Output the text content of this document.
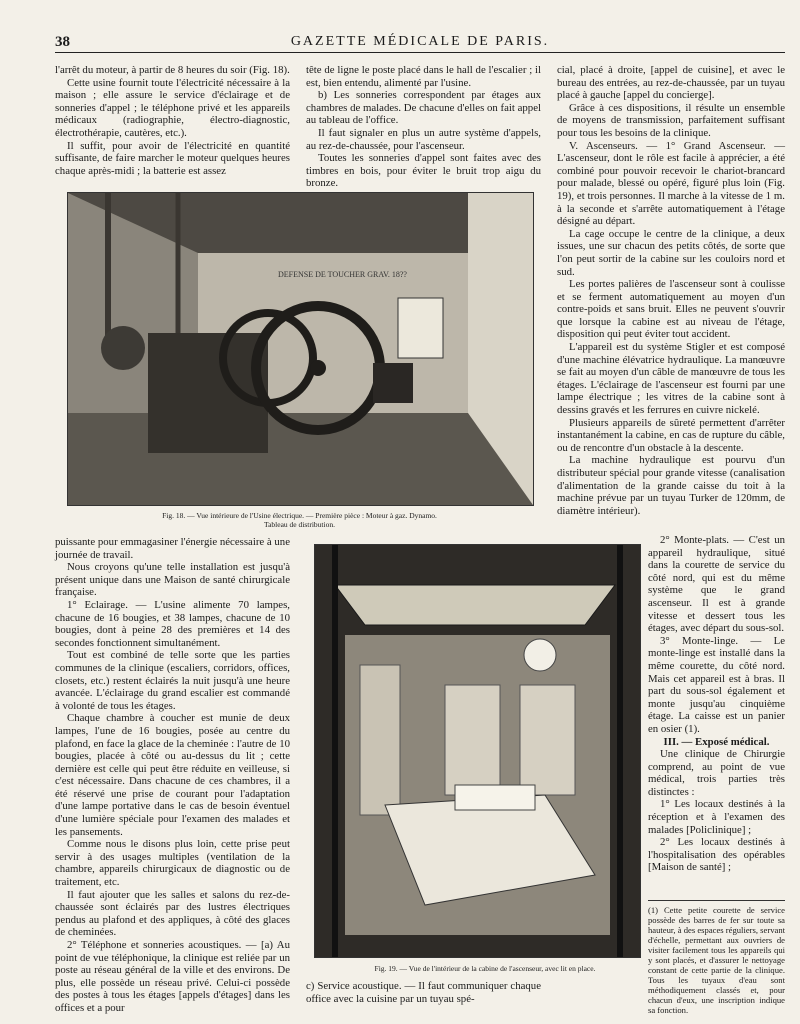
38	GAZETTE MÉDICALE DE PARIS.

l'arrêt du moteur, à partir de 8 heures du soir (Fig. 18).

Cette usine fournit toute l'électricité nécessaire à la maison ; elle assure le service d'éclairage et de sonneries d'appel ; le téléphone privé et les appareils médicaux (radiographie, électro-diagnostic, électrothérapie, cautères, etc.).

Il suffit, pour avoir de l'électricité en quantité suffisante, de faire marcher le moteur quelques heures chaque après-midi ; la batterie est assez

tête de ligne le poste placé dans le hall de l'escalier ; il est, bien entendu, alimenté par l'usine.

b) Les sonneries correspondent par étages aux chambres de malades. De chacune d'elles on fait appel au tableau de l'office.

Il faut signaler en plus un autre système d'appels, au rez-de-chaussée, pour l'ascenseur.

Toutes les sonneries d'appel sont faites avec des timbres en bois, pour éviter le bruit trop aigu du bronze.

DEFENSE DE TOUCHER GRAV. 18??
Fig. 18. — Vue intérieure de l'Usine électrique. — Première pièce : Moteur à gaz. Dynamo.
Tableau de distribution.

puissante pour emmagasiner l'énergie nécessaire à une journée de travail.

Nous croyons qu'une telle installation est jusqu'à présent unique dans une Maison de santé chirurgicale française.

1° Eclairage. — L'usine alimente 70 lampes, chacune de 16 bougies, et 38 lampes, chacune de 10 bougies, dont à peine 28 des premières et 14 des secondes fonctionnent simultanément.

Tout est combiné de telle sorte que les parties communes de la clinique (escaliers, corridors, offices, closets, etc.) restent éclairés la nuit jusqu'à une heure avancée. L'éclairage du grand escalier est commandé à volonté de tous les étages.

Chaque chambre à coucher est munie de deux lampes, l'une de 16 bougies, posée au centre du plafond, en face la glace de la cheminée : l'autre de 10 bougies, placée à côté ou au-dessus du lit ; cette dernière est celle qui peut être réduite en veilleuse, si c'est nécessaire. Dans chacune de ces chambres, il a été réservé une prise de courant pour l'adaptation d'une lampe portative dans le cas de besoin éventuel d'une lumière spéciale pour l'examen des malades et les pansements.

Comme nous le disons plus loin, cette prise peut servir à des usages multiples (ventilation de la chambre, appareils chirurgicaux de diagnostic ou de traitement, etc.

Il faut ajouter que les salles et salons du rez-de-chaussée sont éclairés par des lustres électriques pendus au plafond et des appliques, à côté des glaces de cheminées.

2° Téléphone et sonneries acoustiques. — [a) Au point de vue téléphonique, la clinique est reliée par un poste au réseau général de la ville et des environs. De plus, elle possède un réseau privé. Celui-ci possède des postes à tous les étages [appels d'étages] dans les offices et a pour

Fig. 19. — Vue de l'intérieur de la cabine de l'ascenseur, avec lit en place.

c) Service acoustique. — Il faut communiquer chaque office avec la cuisine par un tuyau spé-

cial, placé à droite, [appel de cuisine], et avec le bureau des entrées, au rez-de-chaussée, par un tuyau placé à gauche [appel du concierge].

Grâce à ces dispositions, il résulte un ensemble de moyens de transmission, parfaitement suffisant pour tous les besoins de la clinique.

V. Ascenseurs. — 1° Grand Ascenseur. — L'ascenseur, dont le rôle est facile à apprécier, a été combiné pour pouvoir recevoir le chariot-brancard pour malade, blessé ou opéré, figuré plus loin (Fig. 19), et trois personnes. Il marche à la vitesse de 1 m. à la seconde et s'arrête automatiquement à l'étage désigné au départ.

La cage occupe le centre de la clinique, a deux issues, une sur chacun des petits côtés, de sorte que l'on peut sortir de la cabine sur les couloirs nord et sud.

Les portes palières de l'ascenseur sont à coulisse et se ferment automatiquement au moyen d'un contre-poids et sans bruit. Elles ne peuvent s'ouvrir que lorsque la cabine est au niveau de l'étage, disposition qui peut éviter tout accident.

L'appareil est du système Stigler et est composé d'une machine élévatrice hydraulique. La manœuvre se fait au moyen d'un câble de manœuvre de tous les étages. L'éclairage de l'ascenseur est fourni par une lampe électrique ; les vitres de la cabine sont à dessins gravés et les ferrures en cuivre nickelé.

Plusieurs appareils de sûreté permettent d'arrêter instantanément la cabine, en cas de rupture du câble, ou de rencontre d'un obstacle à la descente.

La machine hydraulique est pourvu d'un distributeur spécial pour grande vitesse (canalisation d'alimentation de la grande caisse du toit à la machine prévue par un tuyau Turker de 120mm, de diamètre intérieur).

2° Monte-plats. — C'est un appareil hydraulique, situé dans la courette de service du côté nord, qui est du même système que le grand ascenseur. Il est à grande vitesse et dessert tous les étages, avec départ du sous-sol.

3° Monte-linge. — Le monte-linge est installé dans la même courette, du côté nord. Mais cet appareil est à bras. Il part du sous-sol également et monte jusqu'au cinquième étage. La caisse est un panier en osier (1).

III. — Exposé médical.

Une clinique de Chirurgie comprend, au point de vue médical, trois parties très distinctes :

1° Les locaux destinés à la réception et à l'examen des malades [Policlinique] ;

2° Les locaux destinés à l'hospitalisation des opérables [Maison de santé] ;

(1) Cette petite courette de service possède des barres de fer sur toute sa hauteur, à des espaces réguliers, servant d'échelle, permettant aux ouvriers de visiter facilement tous les appareils qui y sont placés, et d'assurer le nettoyage constant de cette partie de la clinique. Tous les tuyaux d'eau sont méthodiquement classés et, pour chacun d'eux, une inscription indique sa fonction.
